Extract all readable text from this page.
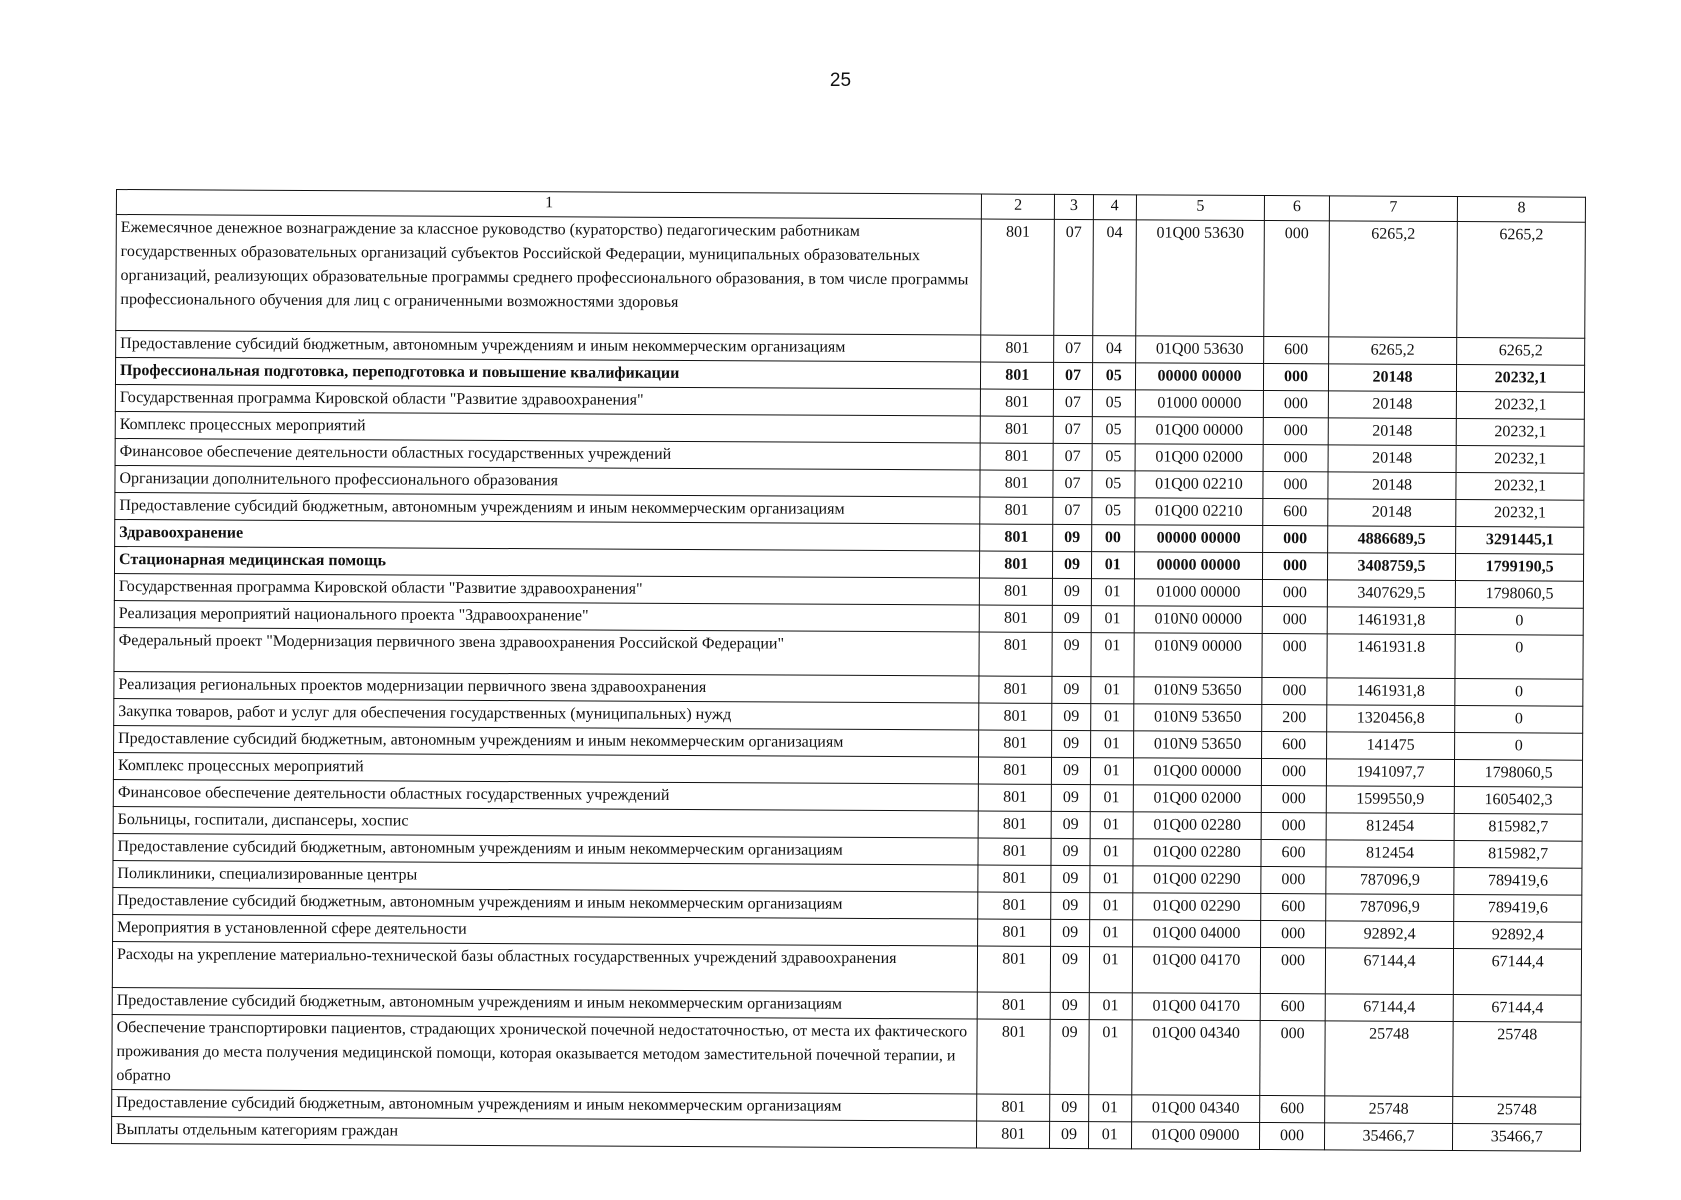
25
1	2	3	4	5	6	7	8
Ежемесячное денежное вознаграждение за классное руководство (кураторство) педагогическим работникам государственных образовательных организаций субъектов Российской Федерации, муниципальных образовательных организаций, реализующих образовательные программы среднего профессионального образования, в том числе программы профессионального обучения для лиц с ограниченными возможностями здоровья	801	07	04	01Q00 53630	000	6265,2	6265,2
Предоставление субсидий бюджетным, автономным учреждениям и иным некоммерческим организациям	801	07	04	01Q00 53630	600	6265,2	6265,2
Профессиональная подготовка, переподготовка и повышение квалификации	801	07	05	00000 00000	000	20148	20232,1
Государственная программа Кировской области "Развитие здравоохранения"	801	07	05	01000 00000	000	20148	20232,1
Комплекс процессных мероприятий	801	07	05	01Q00 00000	000	20148	20232,1
Финансовое обеспечение деятельности областных государственных учреждений	801	07	05	01Q00 02000	000	20148	20232,1
Организации дополнительного профессионального образования	801	07	05	01Q00 02210	000	20148	20232,1
Предоставление субсидий бюджетным, автономным учреждениям и иным некоммерческим организациям	801	07	05	01Q00 02210	600	20148	20232,1
Здравоохранение	801	09	00	00000 00000	000	4886689,5	3291445,1
Стационарная медицинская помощь	801	09	01	00000 00000	000	3408759,5	1799190,5
Государственная программа Кировской области "Развитие здравоохранения"	801	09	01	01000 00000	000	3407629,5	1798060,5
Реализация мероприятий национального проекта "Здравоохранение"	801	09	01	010N0 00000	000	1461931,8	0
Федеральный проект "Модернизация первичного звена здравоохранения Российской Федерации"	801	09	01	010N9 00000	000	1461931.8	0
Реализация региональных проектов модернизации первичного звена здравоохранения	801	09	01	010N9 53650	000	1461931,8	0
Закупка товаров, работ и услуг для обеспечения государственных (муниципальных) нужд	801	09	01	010N9 53650	200	1320456,8	0
Предоставление субсидий бюджетным, автономным учреждениям и иным некоммерческим организациям	801	09	01	010N9 53650	600	141475	0
Комплекс процессных мероприятий	801	09	01	01Q00 00000	000	1941097,7	1798060,5
Финансовое обеспечение деятельности областных государственных учреждений	801	09	01	01Q00 02000	000	1599550,9	1605402,3
Больницы, госпитали, диспансеры, хоспис	801	09	01	01Q00 02280	000	812454	815982,7
Предоставление субсидий бюджетным, автономным учреждениям и иным некоммерческим организациям	801	09	01	01Q00 02280	600	812454	815982,7
Поликлиники, специализированные центры	801	09	01	01Q00 02290	000	787096,9	789419,6
Предоставление субсидий бюджетным, автономным учреждениям и иным некоммерческим организациям	801	09	01	01Q00 02290	600	787096,9	789419,6
Мероприятия в установленной сфере деятельности	801	09	01	01Q00 04000	000	92892,4	92892,4
Расходы на укрепление материально-технической базы областных государственных учреждений здравоохранения	801	09	01	01Q00 04170	000	67144,4	67144,4
Предоставление субсидий бюджетным, автономным учреждениям и иным некоммерческим организациям	801	09	01	01Q00 04170	600	67144,4	67144,4
Обеспечение транспортировки пациентов, страдающих хронической почечной недостаточностью, от места их фактического проживания до места получения медицинской помощи, которая оказывается методом заместительной почечной терапии, и обратно	801	09	01	01Q00 04340	000	25748	25748
Предоставление субсидий бюджетным, автономным учреждениям и иным некоммерческим организациям	801	09	01	01Q00 04340	600	25748	25748
Выплаты отдельным категориям граждан	801	09	01	01Q00 09000	000	35466,7	35466,7
